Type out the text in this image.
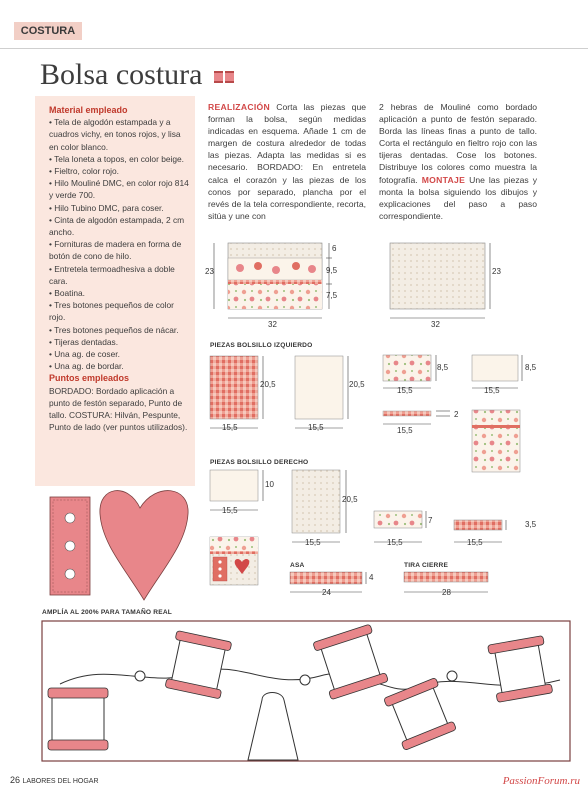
COSTURA
Bolsa costura
Material empleado

• Tela de algodón estampada y a cuadros vichy, en tonos rojos, y lisa en color blanco.
• Tela loneta a topos, en color beige.
• Fieltro, color rojo.
• Hilo Mouliné DMC, en color rojo 814 y verde 700.
• Hilo Tubino DMC, para coser.
• Cinta de algodón estampada, 2 cm ancho.
• Fornituras de madera en forma de botón de cono de hilo.
• Entretela termoadhesiva a doble cara.
• Boatina.
• Tres botones pequeños de color rojo.
• Tres botones pequeños de nácar.
• Tijeras dentadas.
• Una ag. de coser.
• Una ag. de bordar.

Puntos empleados

BORDADO: Bordado aplicación a punto de festón separado, Punto de tallo. COSTURA: Hilván, Pespunte, Punto de lado (ver puntos utilizados).

REALIZACIÓN Corta las piezas que forman la bolsa, según medidas indicadas en esquema. Añade 1 cm de margen de costura alrededor de todas las piezas. Adapta las medidas si es necesario. BORDADO: En entretela calca el corazón y las piezas de los conos por separado, plancha por el revés de la tela correspondiente, recorta, sitúa y une con
2 hebras de Mouliné como bordado aplicación a punto de festón separado. Borda las líneas finas a punto de tallo. Corta el rectángulo en fieltro rojo con las tijeras dentadas. Cose los botones. Distribuye los colores como muestra la fotografía. MONTAJE Une las piezas y monta la bolsa siguiendo los dibujos y explicaciones del paso a paso correspondiente.
23
32
6
9,5
7,5
32
23
PIEZAS BOLSILLO IZQUIERDO
15,5
20,5
15,5
20,5
15,5
8,5
15,5
8,5
15,5
2
PIEZAS BOLSILLO DERECHO
15,5
10
15,5
20,5
15,5
7
15,5
3,5
ASA
24
4
TIRA CIERRE
28
AMPLÍA AL 200% PARA TAMAÑO REAL
26 LABORES DEL HOGAR	PassionForum.ru
